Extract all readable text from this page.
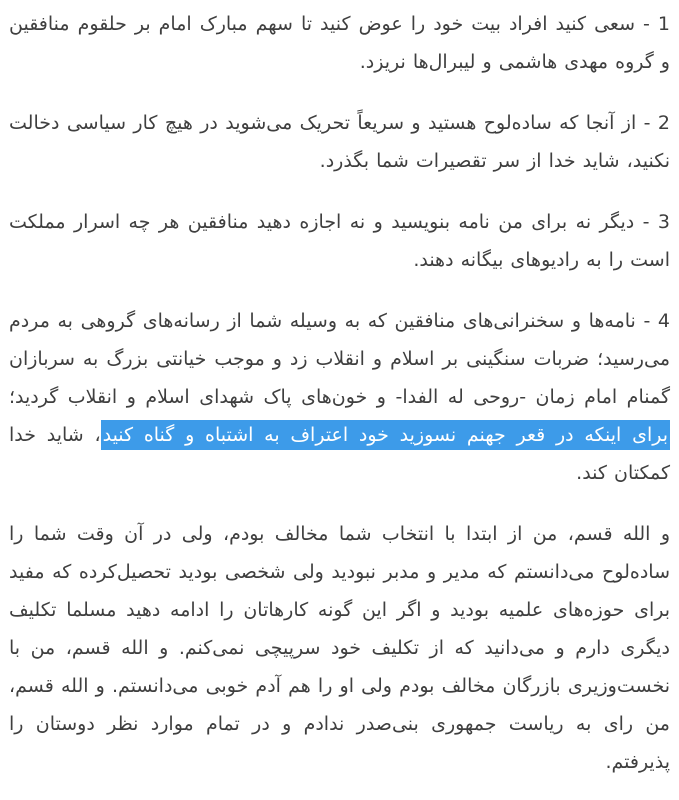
1 - سعی کنید افراد بیت خود را عوض کنید تا سهم مبارک امام بر حلقوم منافقین و گروه مهدی هاشمی و لیبرال‌ها نریزد.

2 - از آنجا که ساده‌لوح هستید و سریعاً تحریک می‌شوید در هیچ کار سیاسی دخالت نکنید، شاید خدا از سر تقصیرات شما بگذرد.

3 - دیگر نه برای من نامه بنویسید و نه اجازه دهید منافقین هر چه اسرار مملکت است را به رادیوهای بیگانه دهند.

4 - نامه‌ها و سخنرانی‌های منافقین که به وسیله شما از رسانه‌های گروهی به مردم می‌رسید؛ ضربات سنگینی بر اسلام و انقلاب زد و موجب خیانتی بزرگ به سربازان گمنام امام زمان -روحی له الفدا- و خون‌های پاک شهدای اسلام و انقلاب گردید؛ برای اینکه در قعر جهنم نسوزید خود اعتراف به اشتباه و گناه کنید، شاید خدا کمکتان کند.

و الله قسم، من از ابتدا با انتخاب شما مخالف بودم، ولی در آن وقت شما را ساده‌لوح می‌دانستم که مدیر و مدبر نبودید ولی شخصی بودید تحصیل‌کرده که مفید برای حوزه‌های علمیه بودید و اگر این گونه کارهاتان را ادامه دهید مسلما تکلیف دیگری دارم و می‌دانید که از تکلیف خود سرپیچی نمی‌کنم. و الله قسم، من با نخست‌وزیری بازرگان مخالف بودم ولی او را هم آدم خوبی می‌دانستم. و الله قسم، من رای به ریاست جمهوری بنی‌صدر ندادم و در تمام موارد نظر دوستان را پذیرفتم.
